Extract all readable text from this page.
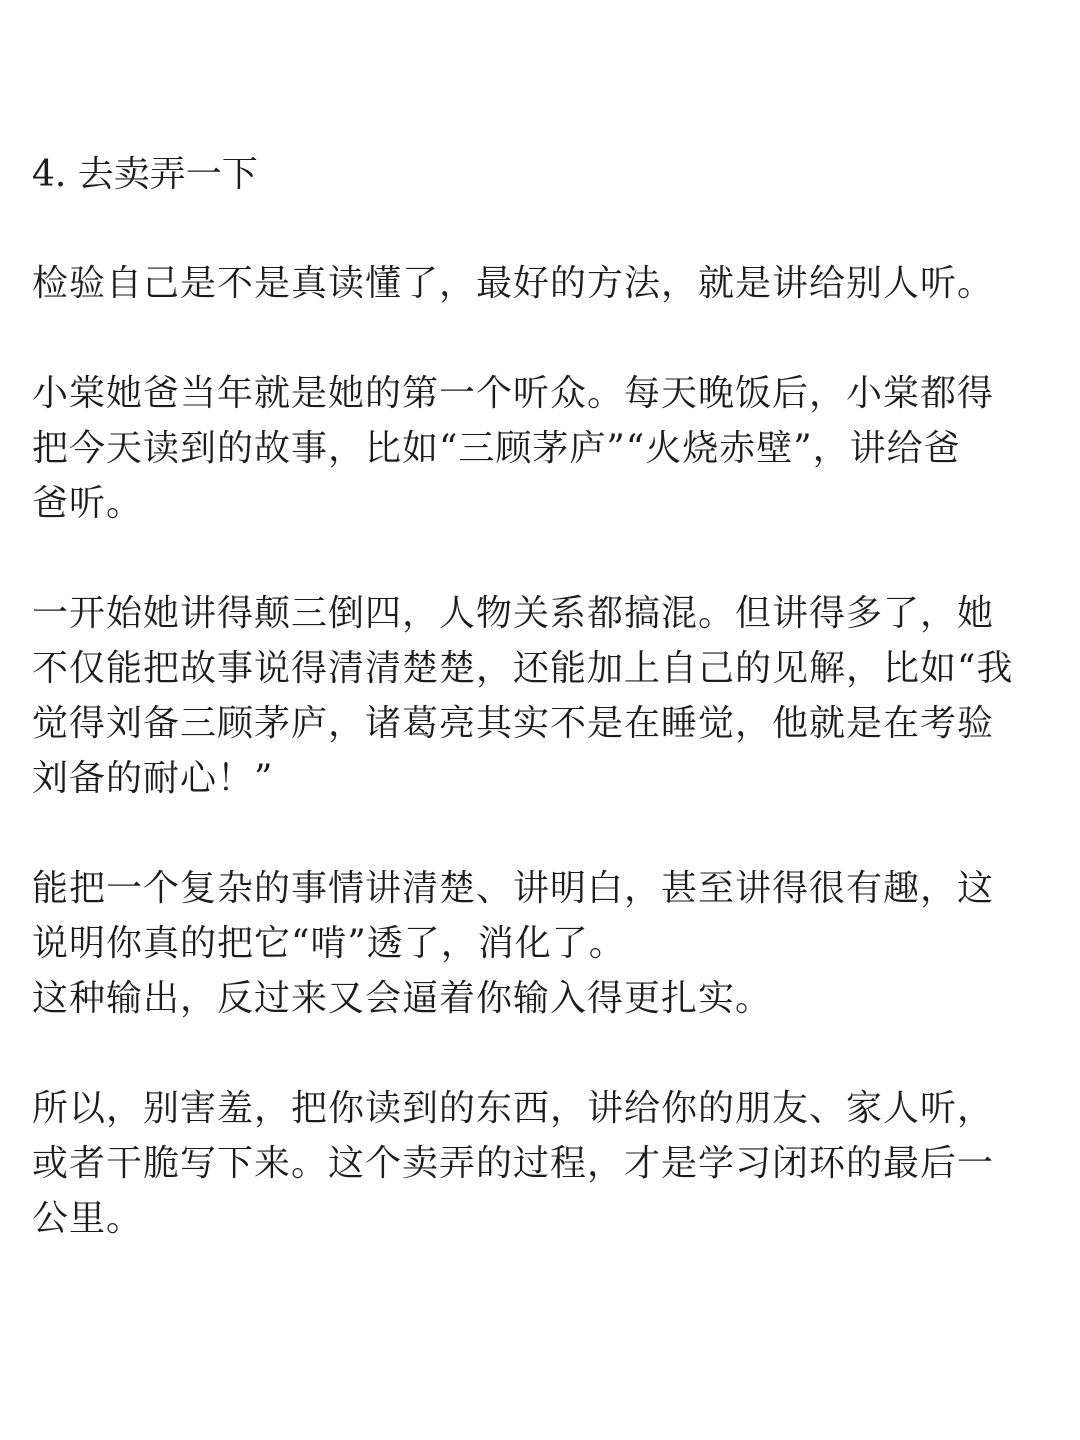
4. 去卖弄一下
检验自己是不是真读懂了，最好的方法，就是讲给别人听。
小棠她爸当年就是她的第一个听众。每天晚饭后，小棠都得
把今天读到的故事，比如“三顾茅庐”“火烧赤壁”，讲给爸
爸听。
一开始她讲得颠三倒四，人物关系都搞混。但讲得多了，她
不仅能把故事说得清清楚楚，还能加上自己的见解，比如“我
觉得刘备三顾茅庐，诸葛亮其实不是在睡觉，他就是在考验
刘备的耐心！”
能把一个复杂的事情讲清楚、讲明白，甚至讲得很有趣，这
说明你真的把它“啃”透了，消化了。
这种输出，反过来又会逼着你输入得更扎实。
所以，别害羞，把你读到的东西，讲给你的朋友、家人听，
或者干脆写下来。这个卖弄的过程，才是学习闭环的最后一
公里。
